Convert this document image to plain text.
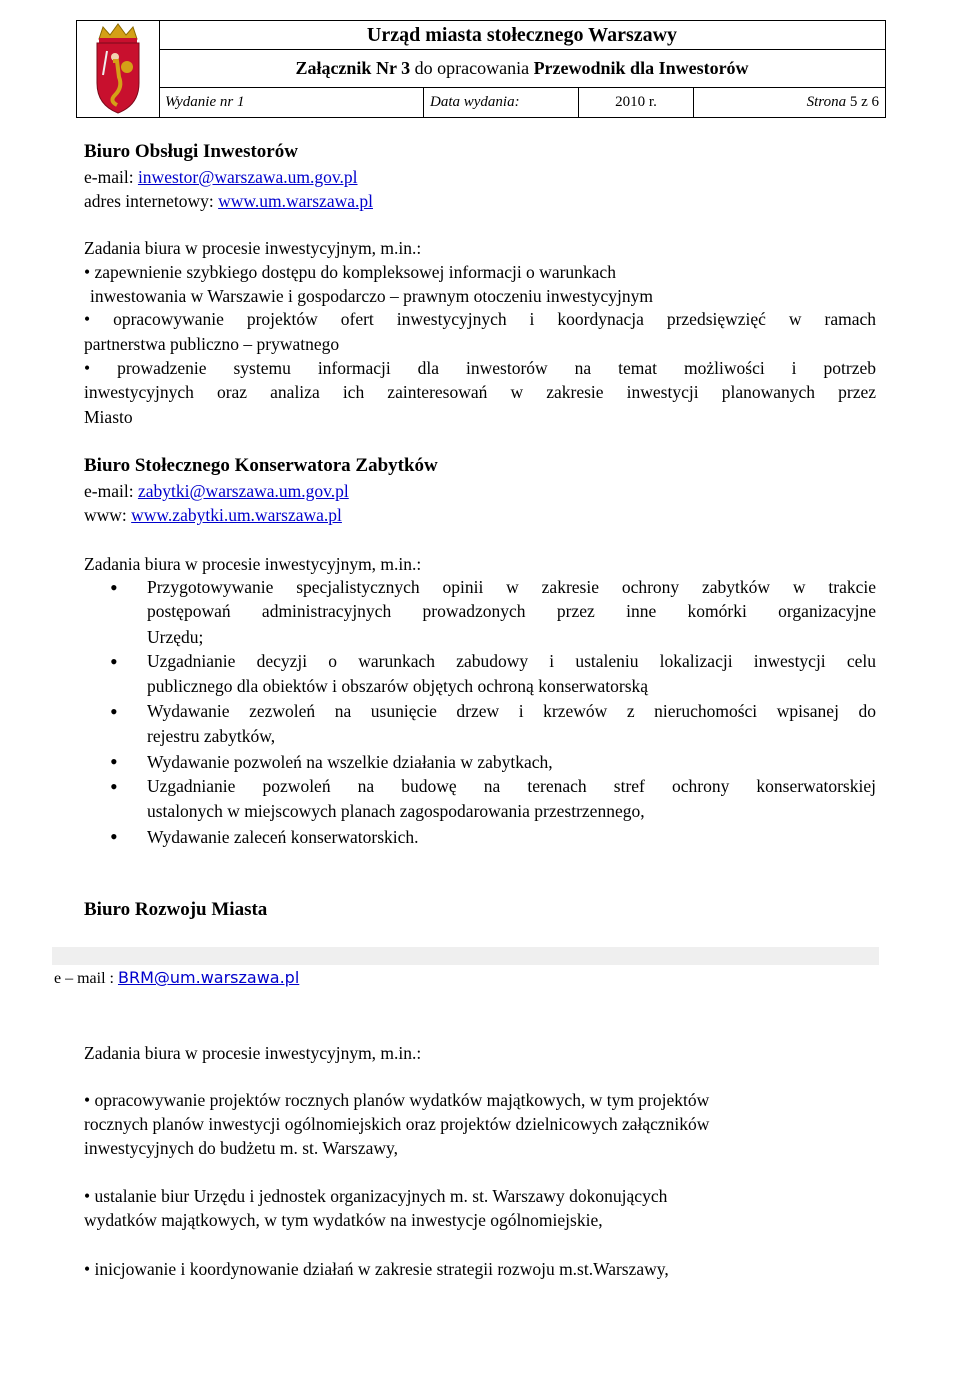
Urząd miasta stołecznego Warszawy
Załącznik Nr 3 do opracowania Przewodnik dla Inwestorów
Wydanie nr 1	Data wydania:	2010 r.	Strona 5 z 6
Biuro Obsługi Inwestorów
e-mail: inwestor@warszawa.um.gov.pl
adres internetowy: www.um.warszawa.pl
Zadania biura w procesie inwestycyjnym, m.in.:
• zapewnienie szybkiego dostępu do kompleksowej informacji o warunkach
inwestowania w Warszawie i gospodarczo – prawnym otoczeniu inwestycyjnym
• opracowywanie projektów ofert inwestycyjnych i koordynacja przedsięwzięć w ramach
partnerstwa publiczno – prywatnego
• prowadzenie systemu informacji dla inwestorów na temat możliwości i potrzeb
inwestycyjnych oraz analiza ich zainteresowań w zakresie inwestycji planowanych przez
Miasto
Biuro Stołecznego Konserwatora Zabytków
e-mail: zabytki@warszawa.um.gov.pl
www: www.zabytki.um.warszawa.pl
Zadania biura w procesie inwestycyjnym, m.in.:
• Przygotowywanie specjalistycznych opinii w zakresie ochrony zabytków w trakcie
postępowań administracyjnych prowadzonych przez inne komórki organizacyjne
Urzędu;
• Uzgadnianie decyzji o warunkach zabudowy i ustaleniu lokalizacji inwestycji celu
publicznego dla obiektów i obszarów objętych ochroną konserwatorską
• Wydawanie zezwoleń na usunięcie drzew i krzewów z nieruchomości wpisanej do
rejestru zabytków,
• Wydawanie pozwoleń na wszelkie działania w zabytkach,
• Uzgadnianie pozwoleń na budowę na terenach stref ochrony konserwatorskiej
ustalonych w miejscowych planach zagospodarowania przestrzennego,
• Wydawanie zaleceń konserwatorskich.
Biuro Rozwoju Miasta
e – mail : BRM@um.warszawa.pl
Zadania biura w procesie inwestycyjnym, m.in.:
• opracowywanie projektów rocznych planów wydatków majątkowych, w tym projektów
rocznych planów inwestycji ogólnomiejskich oraz projektów dzielnicowych załączników
inwestycyjnych do budżetu m. st. Warszawy,
• ustalanie biur Urzędu i jednostek organizacyjnych m. st. Warszawy dokonujących
wydatków majątkowych, w tym wydatków na inwestycje ogólnomiejskie,
• inicjowanie i koordynowanie działań w zakresie strategii rozwoju m.st.Warszawy,
